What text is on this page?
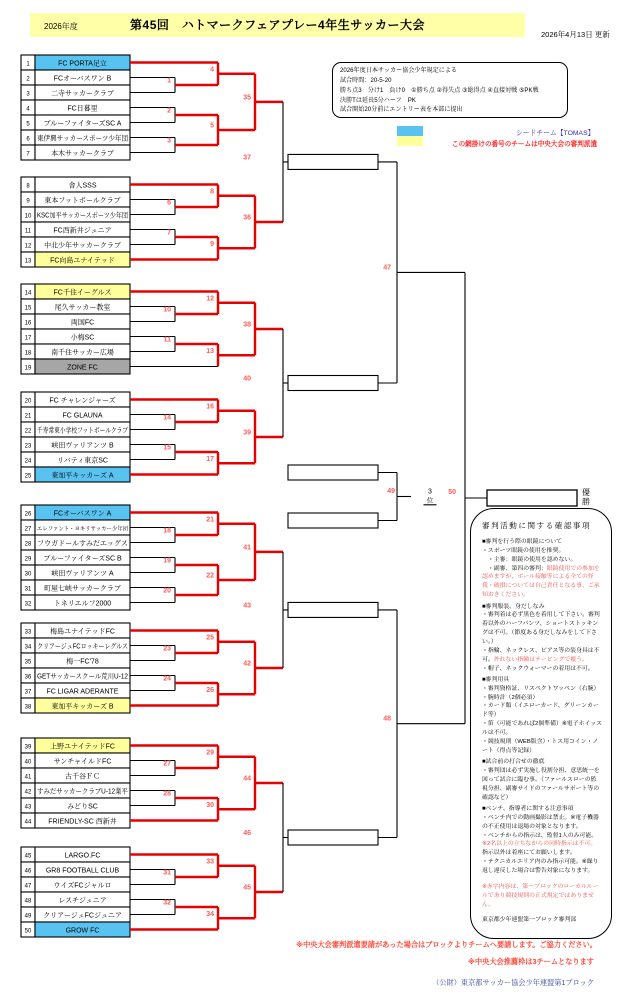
2026年度	第45回　ハトマークフェアプレー4年生サッカー大会
2026年4月13日 更新
2026年度日本サッカー協会少年規定による
試合時間：20-5-20
勝ち点3　分け1　負け0　①勝ち点 ②得失点 ③総得点 ④直接対戦 ⑤PK戦
決勝Tは延長5分ハーフ　PK
試合開始20分前にエントリー表を本部に提出
シードチーム【TOMAS】
この網掛けの番号のチームは中央大会の審判派遣
1	FC PORTA足立
2	FCオーバスワン B
3	二寺サッカークラブ
4	FC日暮里
5 ブルーファイターズSC A
6 東伊興サッカースポーツ少年団
7	本木サッカークラブ
8	舎人SSS
9 東本フットボールクラブ
10 KSC加平サッカースポーツ少年団
11	FC西新井ジュニア
12 中北少年サッカークラブ
13	FC向島ユナイテッド
14	FC千住イーグルス
15	尾久サッカー教室
16	両国FC
17	小梅SC
18	南千住サッカー広場
19	ZONE FC
20	FC チャレンジャーズ
21	FC GLAUNA
22 千寿常東小学校フットボールクラブ
23	峡田ヴァリアンツ B
24	リバティ東京SC
25	東加平キッカーズ A
26	FCオーバスワン A
27 エレファント・ヨキリサッカー少年団
28 フウガドールすみだエッグス
29 ブルーファイターズSC B
30	峡田ヴァリアンツ A
31 町屋七峡サッカークラブ
32	トネリエルフ2000
33	梅島ユナイテッドFC
34 クリアージュFCロッキーレグルス
35	梅一FC'78
36 GETサッカースクール荒川U-12
37 FC LIGAR ADERANTE
38	東加平キッカーズ B
39	上野ユナイテッドFC
40	サンチャイルドFC
41	古千谷ＦＣ
42 すみだサッカークラブU-12業平
43	みどりSC
44 FRIENDLY-SC 西新井
45	LARGO.FC
46 GR8 FOOTBALL CLUB
47	ウイズFCジャルロ
48	レスチジュニア
49 クリアージュFCジュニア
50	GROW FC
1
2
3
4
5
35
6
7
8
9
36
10
11
12
13
38
14
15
16
17
39
18
19
20
21
22
41
23
24
25
26
42
27
28
29
30
44
31
32
33
34
45
37
40
43
46
47
48
50	優
勝
49	3
位
審判活動に関する確認事項
■審判を行う際の眼鏡について
・スポーツ眼鏡の使用を推奨。
　・主審：眼鏡の使用を認めない。
　・副審、第四の審判：眼鏡使用での参加を認めますが、ボール接触等による全ての怪我・破損については自己責任となる事、ご承知おきください。
■審判服装、身だしなみ
・審判着は必ず黒色を着用して下さい。審判着以外のハーフパンツ、ショートストッキングは不可。（節度ある身だしなみをして下さい。）
・指輪、ネックレス、ピアス等の装身具は不可。外れない指輪はテーピングで覆う。
・帽子、ネックウォーマーの着用は不可。
■審判用具
・審判資格証、リスペクトワッペン（右腕）
・腕時計（2個必須）
・カード類（イエローカード、グリーンカード等）
・笛（可能であれば2個準備）※電子ホイッスルは不可。
・競技規則（WEB版含）・トス用コイン・ノート（得点等記録）
■試合前の打合せの徹底
・審判団は必ず実施し役割分担、意思統一を図って試合に臨む事。（ファールスローの監視分担、副審サイドのファールサポート等の確認など）
■ベンチ、指導者に関する注意事項
・ベンチ内での動画撮影は禁止。※電子機器の不正使用は退場の対象となります。
・ベンチからの指示は、監督1人のみ可能。※2名以上の立ちながらの同時指示は不可。指示以外は着座にてお願いします。
・テクニカルエリア内のみ指示可能。※繰り返し違反した場合は警告対象になります。
※赤字内容は、第一ブロックのローカルルールであり競技規則の正式規定ではありません。
東京都少年連盟第一ブロック審判部
※中央大会審判派遣要請があった場合はブロックよりチームへ要請します。ご協力ください。
※中央大会推薦枠は3チームとなります
（公財）東京都サッカー協会少年連盟第1ブロック
